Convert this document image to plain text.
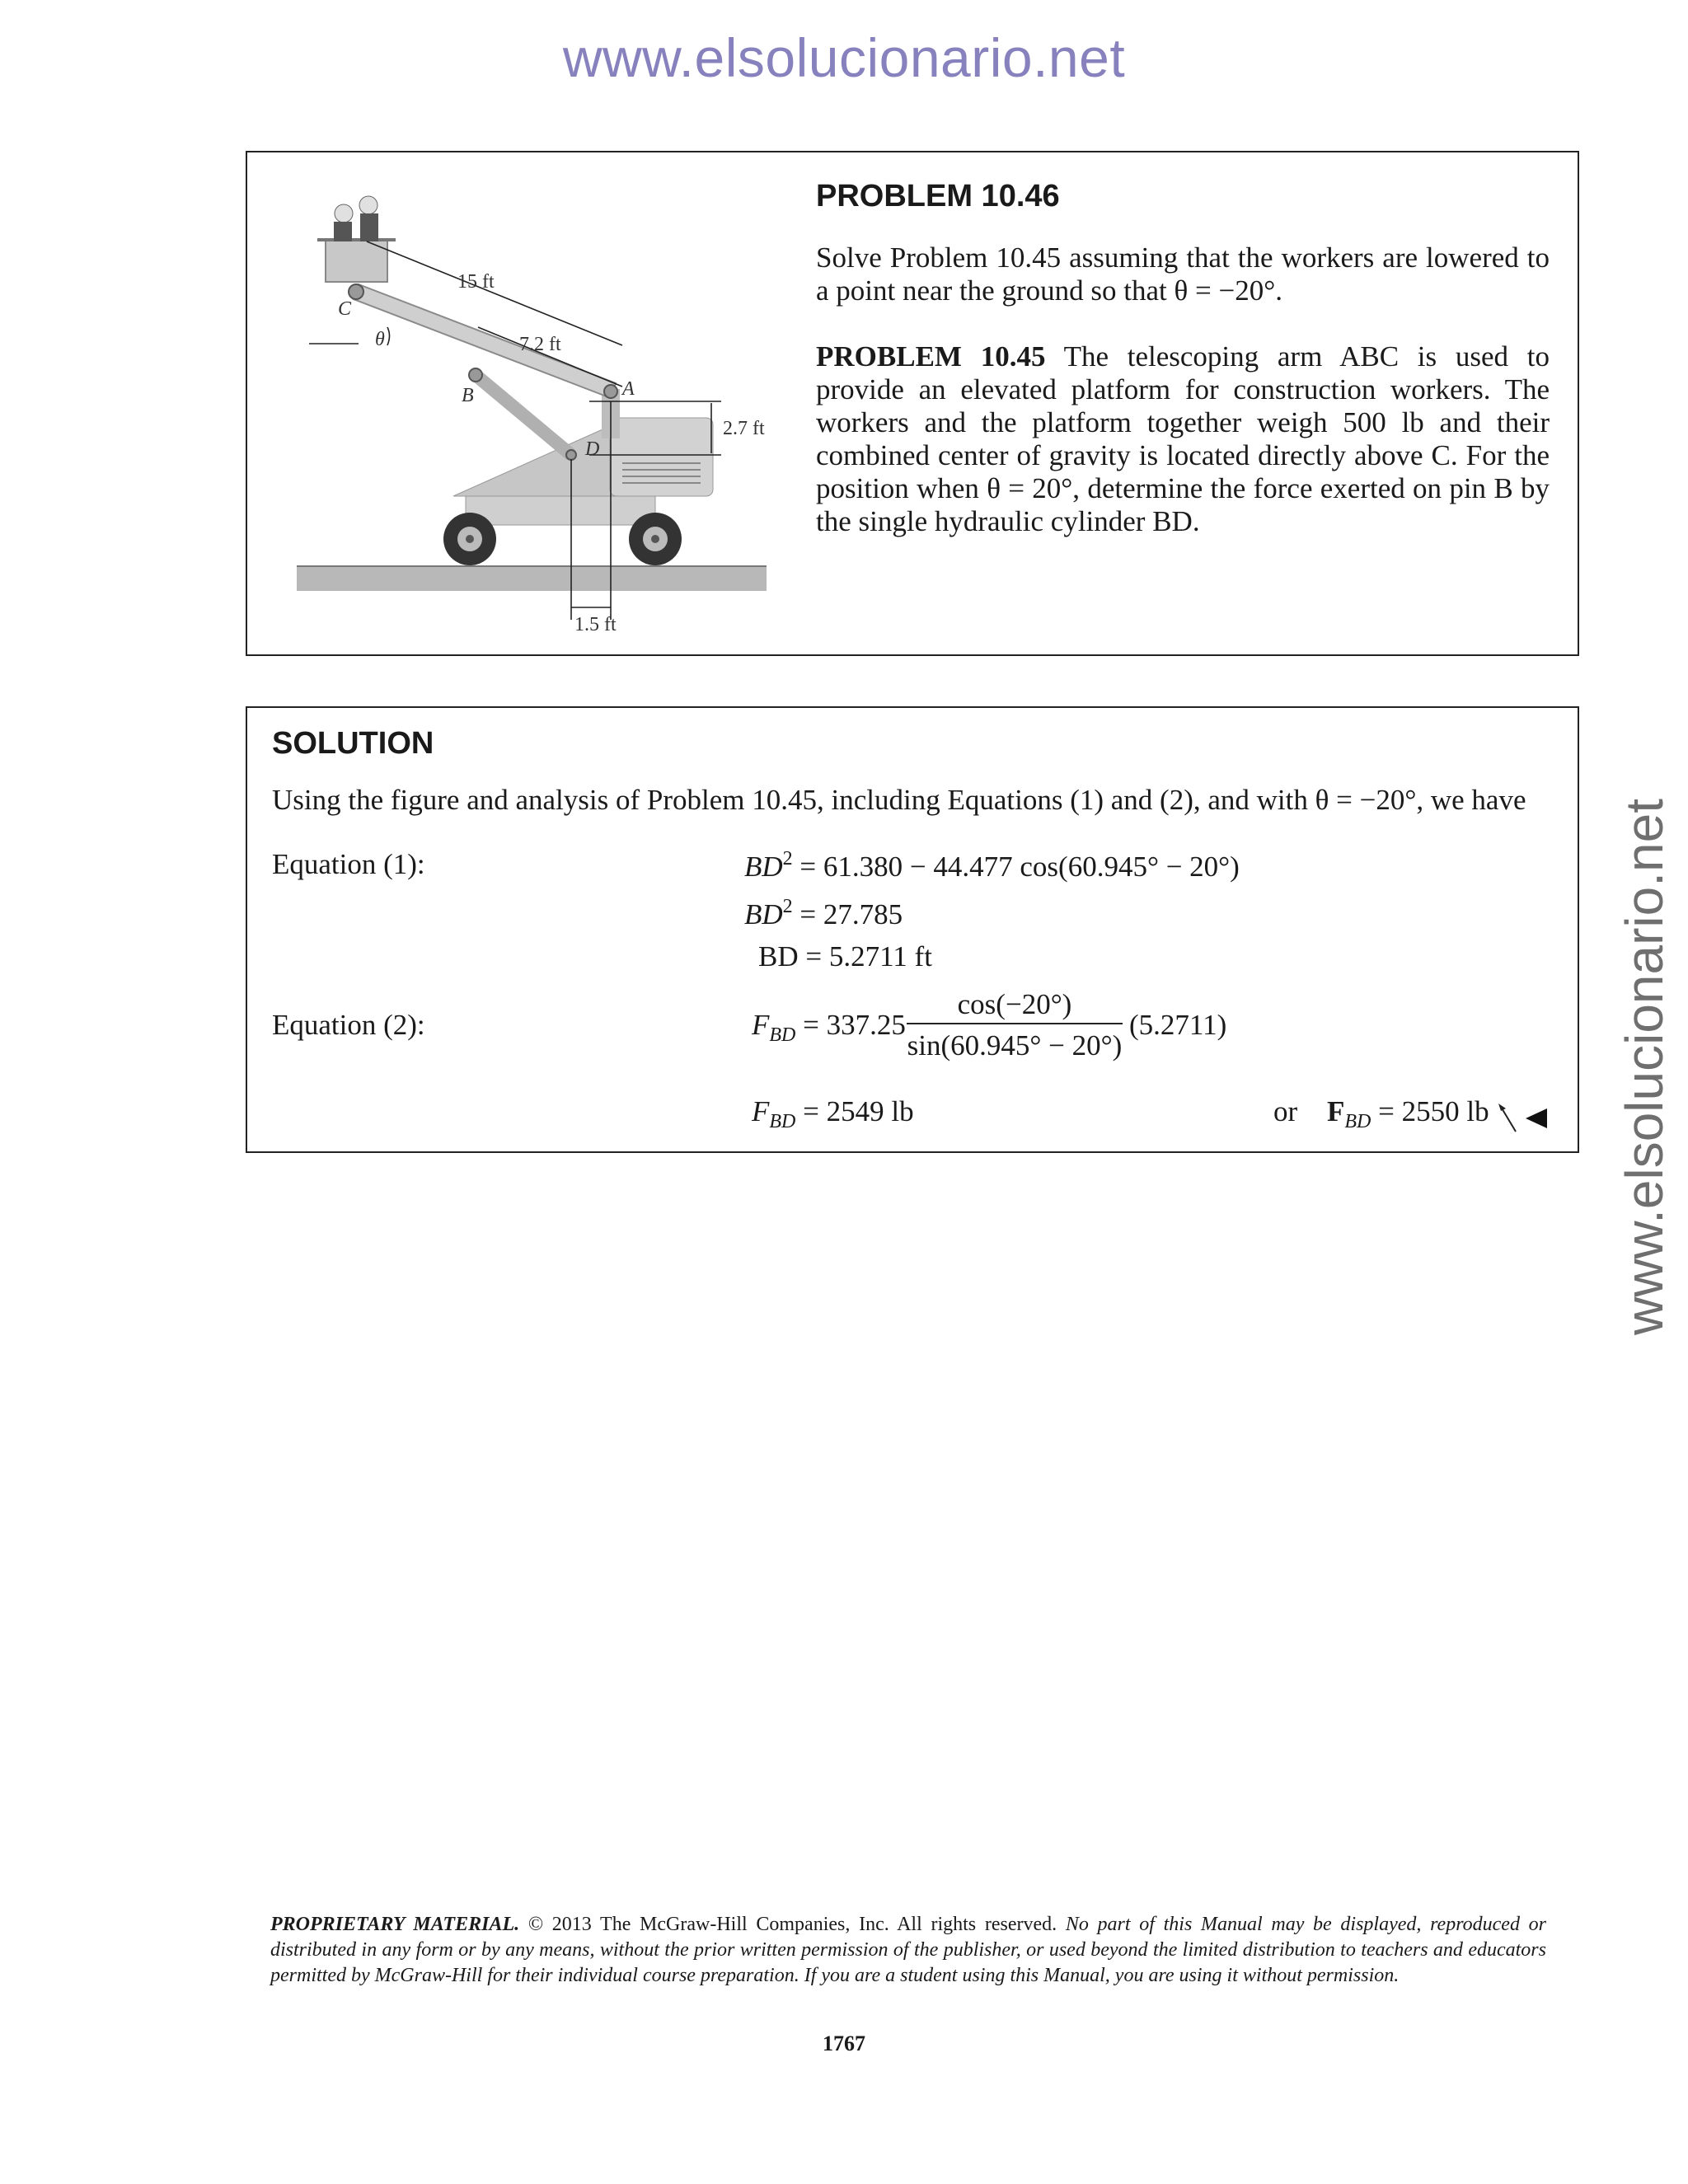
www.elsolucionario.net
www.elsolucionario.net
15 ft
7.2 ft
2.7 ft
1.5 ft
θ
A
B
C
D
PROBLEM 10.46

Solve Problem 10.45 assuming that the workers are lowered to a point near the ground so that θ = −20°.

PROBLEM 10.45 The telescoping arm ABC is used to provide an elevated platform for construction workers. The workers and the platform together weigh 500 lb and their combined center of gravity is located directly above C. For the position when θ = 20°, determine the force exerted on pin B by the single hydraulic cylinder BD.

SOLUTION
Using the figure and analysis of Problem 10.45, including Equations (1) and (2), and with θ = −20°, we have
Equation (1):	$BD^2 = 61.380 - 44.477$ cos(60.945° − 20°)
$BD^2 = 27.785$
BD = 5.2711 ft
Equation (2):	$F_{BD} = 337.25$
cos(−20°)
sin(60.945° − 20°)
(5.2711)
$F_{BD} = 2549$ lb	or $F_{BD} = 2550$ lb
PROPRIETARY MATERIAL. © 2013 The McGraw-Hill Companies, Inc. All rights reserved. No part of this Manual may be displayed, reproduced or distributed in any form or by any means, without the prior written permission of the publisher, or used beyond the limited distribution to teachers and educators permitted by McGraw-Hill for their individual course preparation. If you are a student using this Manual, you are using it without permission.
1767
